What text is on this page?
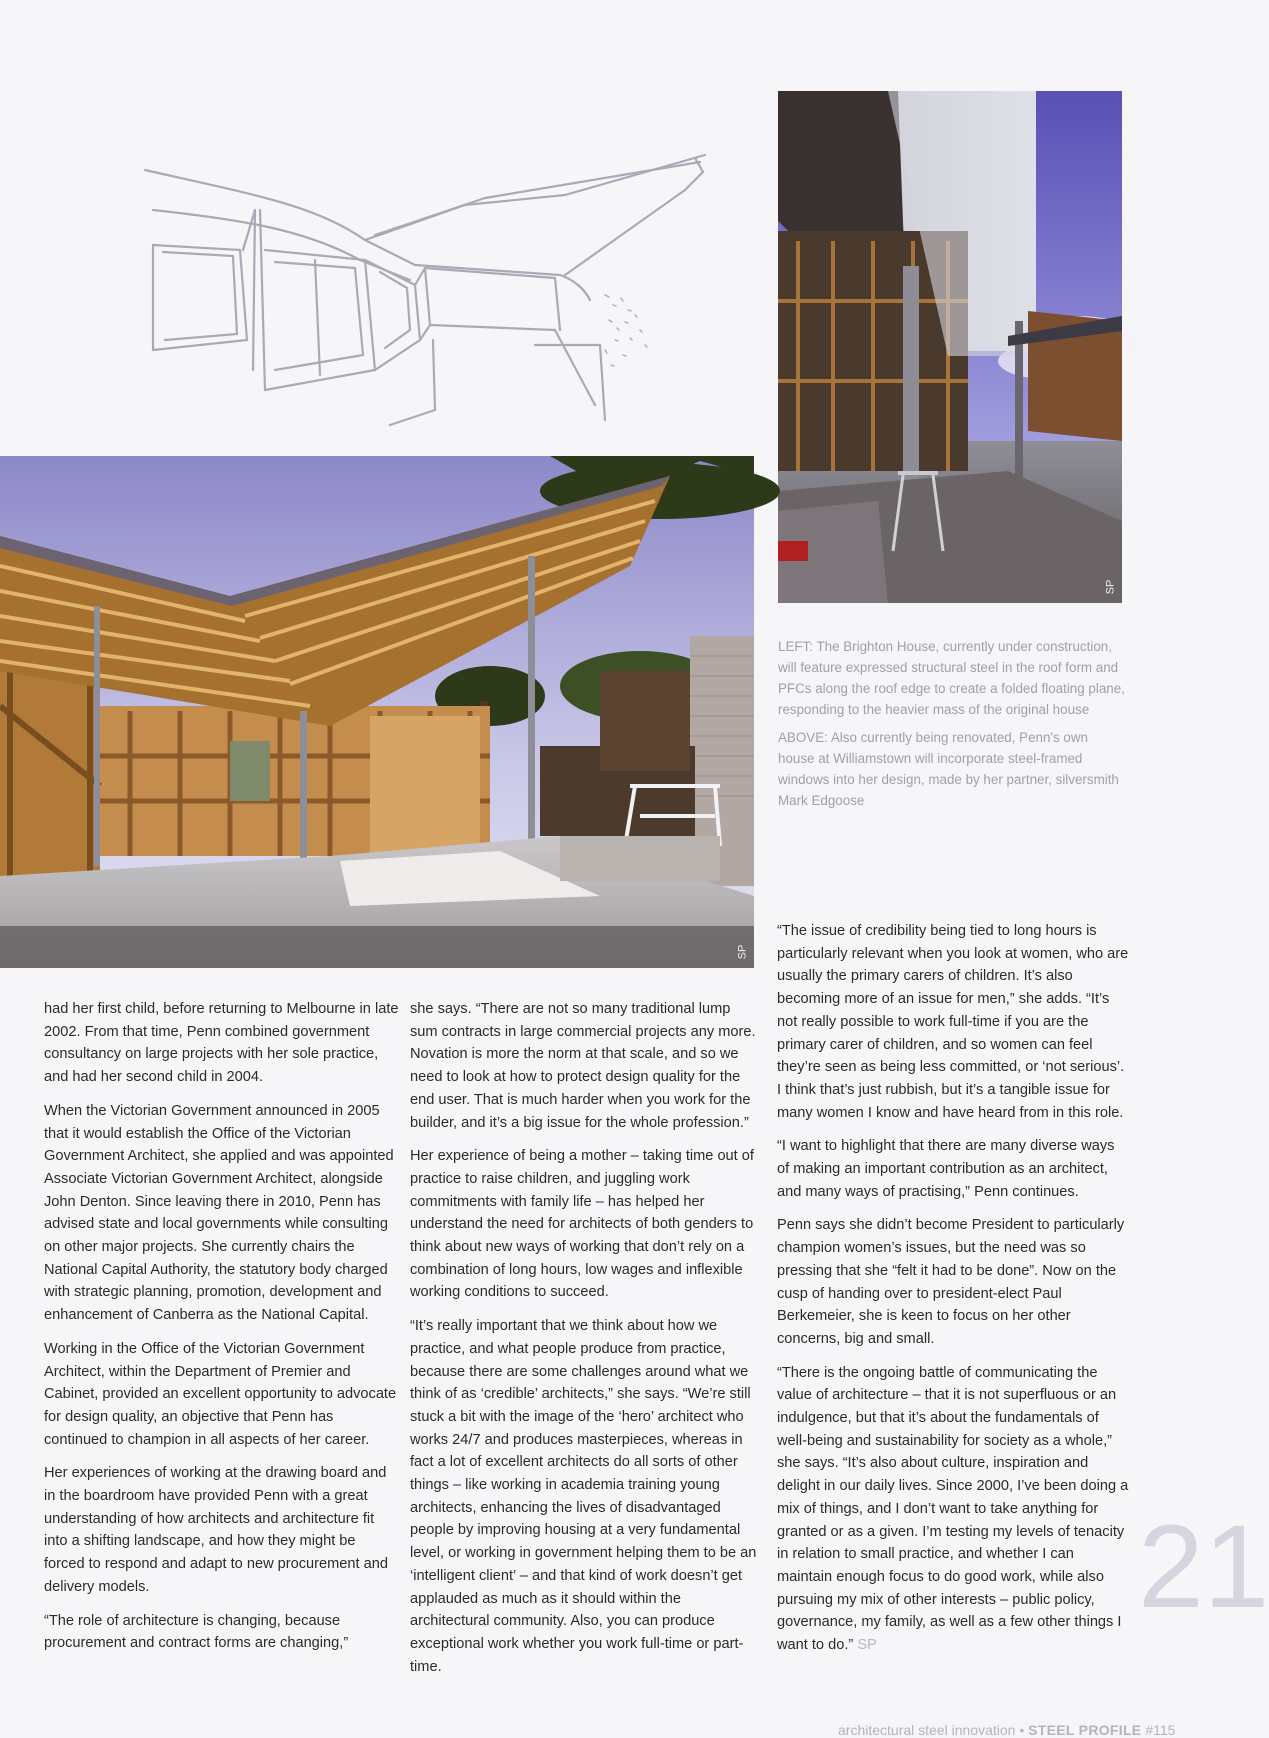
SP
SP

LEFT: The Brighton House, currently under construction, will feature expressed structural steel in the roof form and PFCs along the roof edge to create a folded floating plane, responding to the heavier mass of the original house

ABOVE: Also currently being renovated, Penn's own house at Williamstown will incorporate steel-framed windows into her design, made by her partner, silversmith Mark Edgoose

had her first child, before returning to Melbourne in late 2002. From that time, Penn combined government consultancy on large projects with her sole practice, and had her second child in 2004.

When the Victorian Government announced in 2005 that it would establish the Office of the Victorian Government Architect, she applied and was appointed Associate Victorian Government Architect, alongside John Denton. Since leaving there in 2010, Penn has advised state and local governments while consulting on other major projects. She currently chairs the National Capital Authority, the statutory body charged with strategic planning, promotion, development and enhancement of Canberra as the National Capital.

Working in the Office of the Victorian Government Architect, within the Department of Premier and Cabinet, provided an excellent opportunity to advocate for design quality, an objective that Penn has continued to champion in all aspects of her career.

Her experiences of working at the drawing board and in the boardroom have provided Penn with a great understanding of how architects and architecture fit into a shifting landscape, and how they might be forced to respond and adapt to new procurement and delivery models.

“The role of architecture is changing, because procurement and contract forms are changing,”

she says. “There are not so many traditional lump sum contracts in large commercial projects any more. Novation is more the norm at that scale, and so we need to look at how to protect design quality for the end user. That is much harder when you work for the builder, and it’s a big issue for the whole profession.”

Her experience of being a mother – taking time out of practice to raise children, and juggling work commitments with family life – has helped her understand the need for architects of both genders to think about new ways of working that don’t rely on a combination of long hours, low wages and inflexible working conditions to succeed.

“It’s really important that we think about how we practice, and what people produce from practice, because there are some challenges around what we think of as ‘credible’ architects,” she says. “We’re still stuck a bit with the image of the ‘hero’ architect who works 24/7 and produces masterpieces, whereas in fact a lot of excellent architects do all sorts of other things – like working in academia training young architects, enhancing the lives of disadvantaged people by improving housing at a very fundamental level, or working in government helping them to be an ‘intelligent client’ – and that kind of work doesn’t get applauded as much as it should within the architectural community. Also, you can produce exceptional work whether you work full-time or part-time.

“The issue of credibility being tied to long hours is particularly relevant when you look at women, who are usually the primary carers of children. It’s also becoming more of an issue for men,” she adds. “It’s not really possible to work full-time if you are the primary carer of children, and so women can feel they’re seen as being less committed, or ‘not serious’. I think that’s just rubbish, but it’s a tangible issue for many women I know and have heard from in this role.

“I want to highlight that there are many diverse ways of making an important contribution as an architect, and many ways of practising,” Penn continues.

Penn says she didn’t become President to particularly champion women’s issues, but the need was so pressing that she “felt it had to be done”. Now on the cusp of handing over to president-elect Paul Berkemeier, she is keen to focus on her other concerns, big and small.

“There is the ongoing battle of communicating the value of architecture – that it is not superfluous or an indulgence, but that it’s about the fundamentals of well-being and sustainability for society as a whole,” she says. “It’s also about culture, inspiration and delight in our daily lives. Since 2000, I’ve been doing a mix of things, and I don’t want to take anything for granted or as a given. I’m testing my levels of tenacity in relation to small practice, and whether I can maintain enough focus to do good work, while also pursuing my mix of other interests – public policy, governance, my family, as well as a few other things I want to do.” SP

21
architectural steel innovation • STEEL PROFILE #115
